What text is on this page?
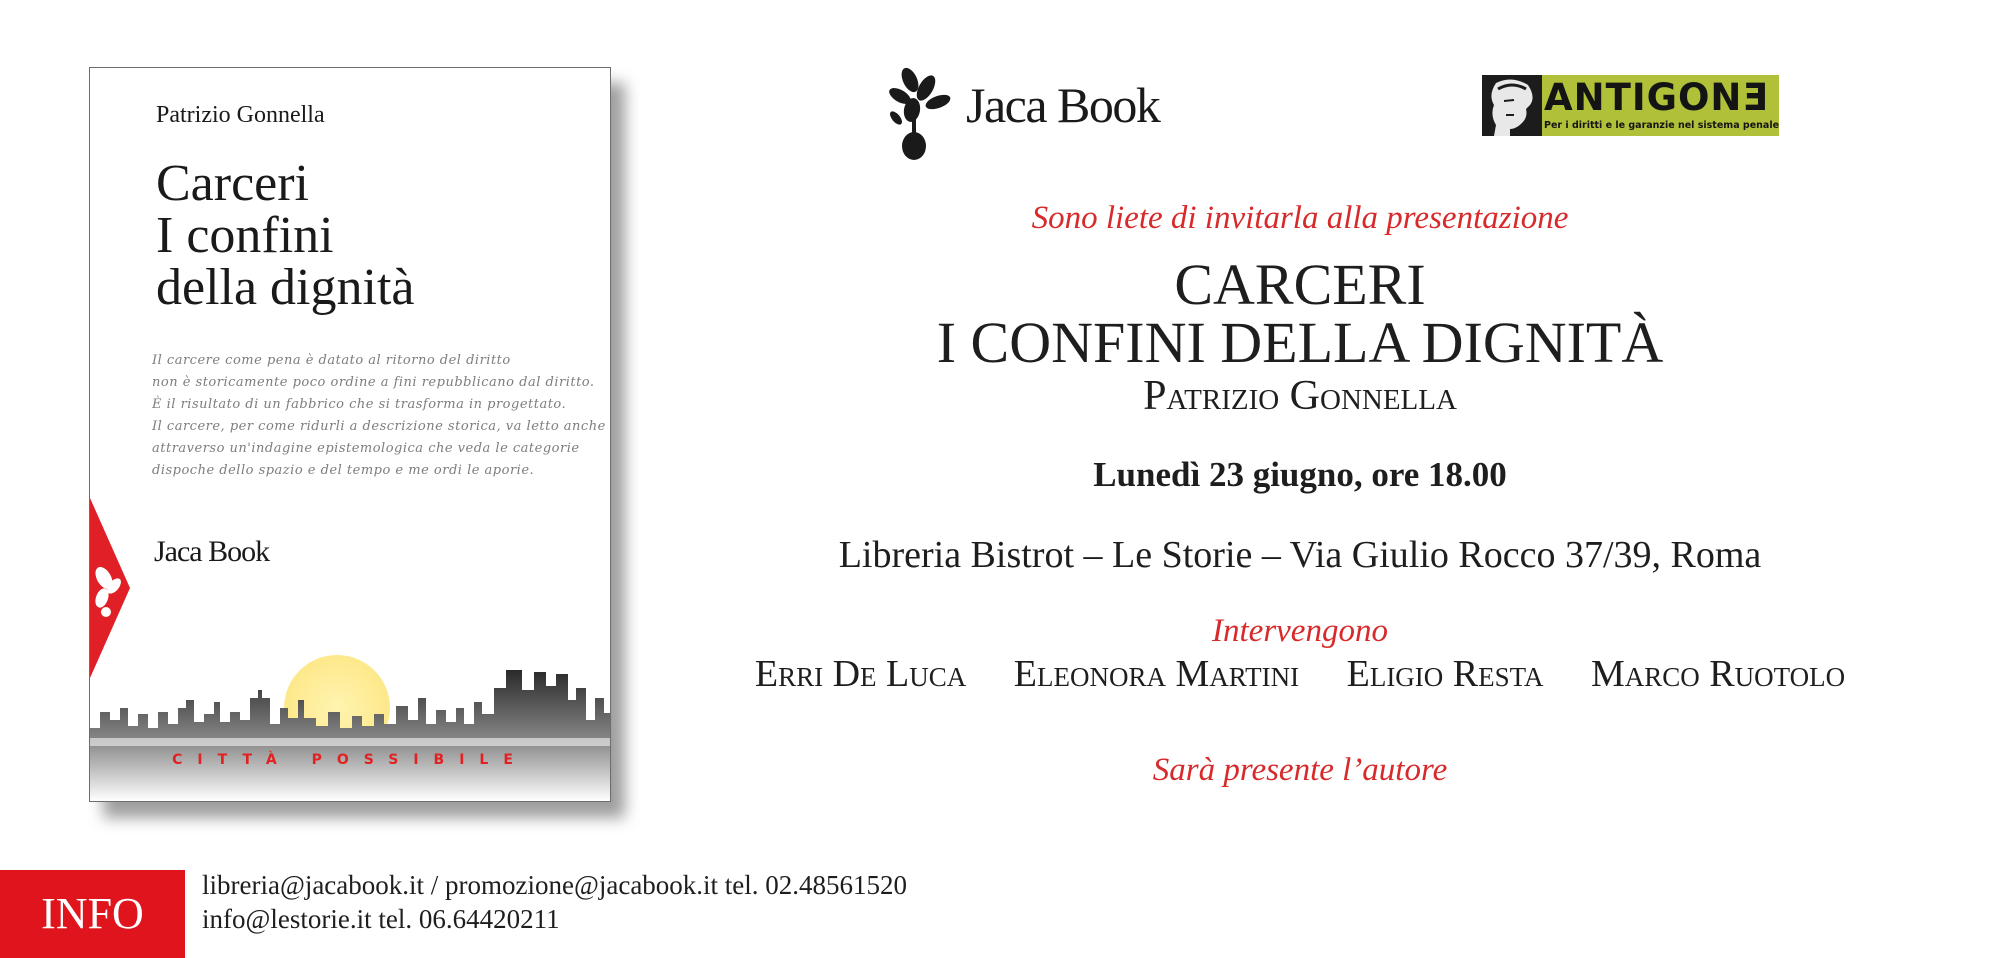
Patrizio Gonnella
Carceri
I confini
della dignità
Il carcere come pena è datato al ritorno del diritto
non è storicamente poco ordine a fini repubblicano dal diritto.
È il risultato di un fabbrico che si trasforma in progettato.
Il carcere, per come ridurli a descrizione storica, va letto anche
attraverso un'indagine epistemologica che veda le categorie
dispoche dello spazio e del tempo e me ordi le aporie.
Jaca Book
CITTÀ POSSIBILE
Jaca Book	ANTIGONƎ
Per i diritti e le garanzie nel sistema penale
Sono liete di invitarla alla presentazione
CARCERI
I CONFINI DELLA DIGNITÀ
Patrizio Gonnella
Lunedì 23 giugno, ore 18.00
Libreria Bistrot – Le Storie – Via Giulio Rocco 37/39, Roma
Intervengono
Erri De Luca Eleonora Martini Eligio Resta Marco Ruotolo
Sarà presente l’autore
INFO
libreria@jacabook.it / promozione@jacabook.it tel. 02.48561520
info@lestorie.it tel. 06.64420211
